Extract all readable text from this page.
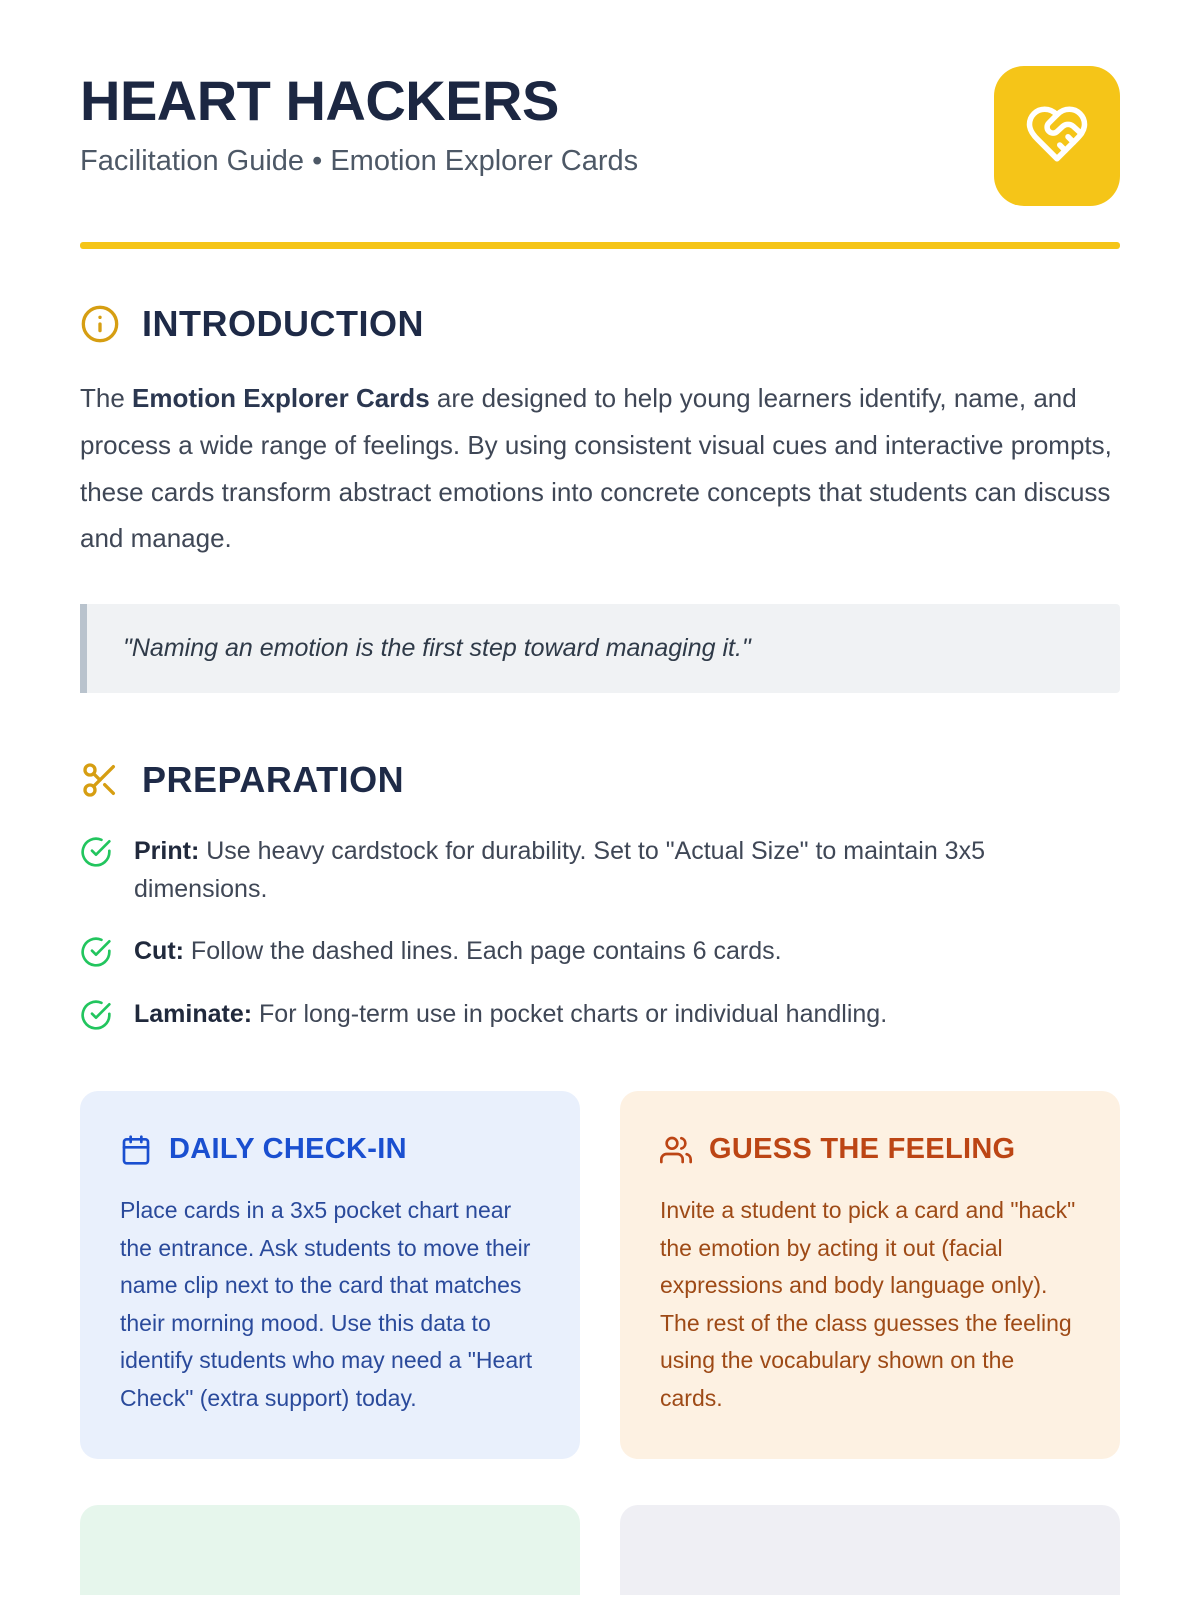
HEART HACKERS
Facilitation Guide • Emotion Explorer Cards
INTRODUCTION

The Emotion Explorer Cards are designed to help young learners identify, name, and process a wide range of feelings. By using consistent visual cues and interactive prompts, these cards transform abstract emotions into concrete concepts that students can discuss and manage.

"Naming an emotion is the first step toward managing it."
PREPARATION
Print: Use heavy cardstock for durability. Set to "Actual Size" to maintain 3x5 dimensions.
Cut: Follow the dashed lines. Each page contains 6 cards.
Laminate: For long-term use in pocket charts or individual handling.
DAILY CHECK-IN
Place cards in a 3x5 pocket chart near the entrance. Ask students to move their name clip next to the card that matches their morning mood. Use this data to identify students who may need a "Heart Check" (extra support) today.
GUESS THE FEELING
Invite a student to pick a card and "hack" the emotion by acting it out (facial expressions and body language only). The rest of the class guesses the feeling using the vocabulary shown on the cards.
